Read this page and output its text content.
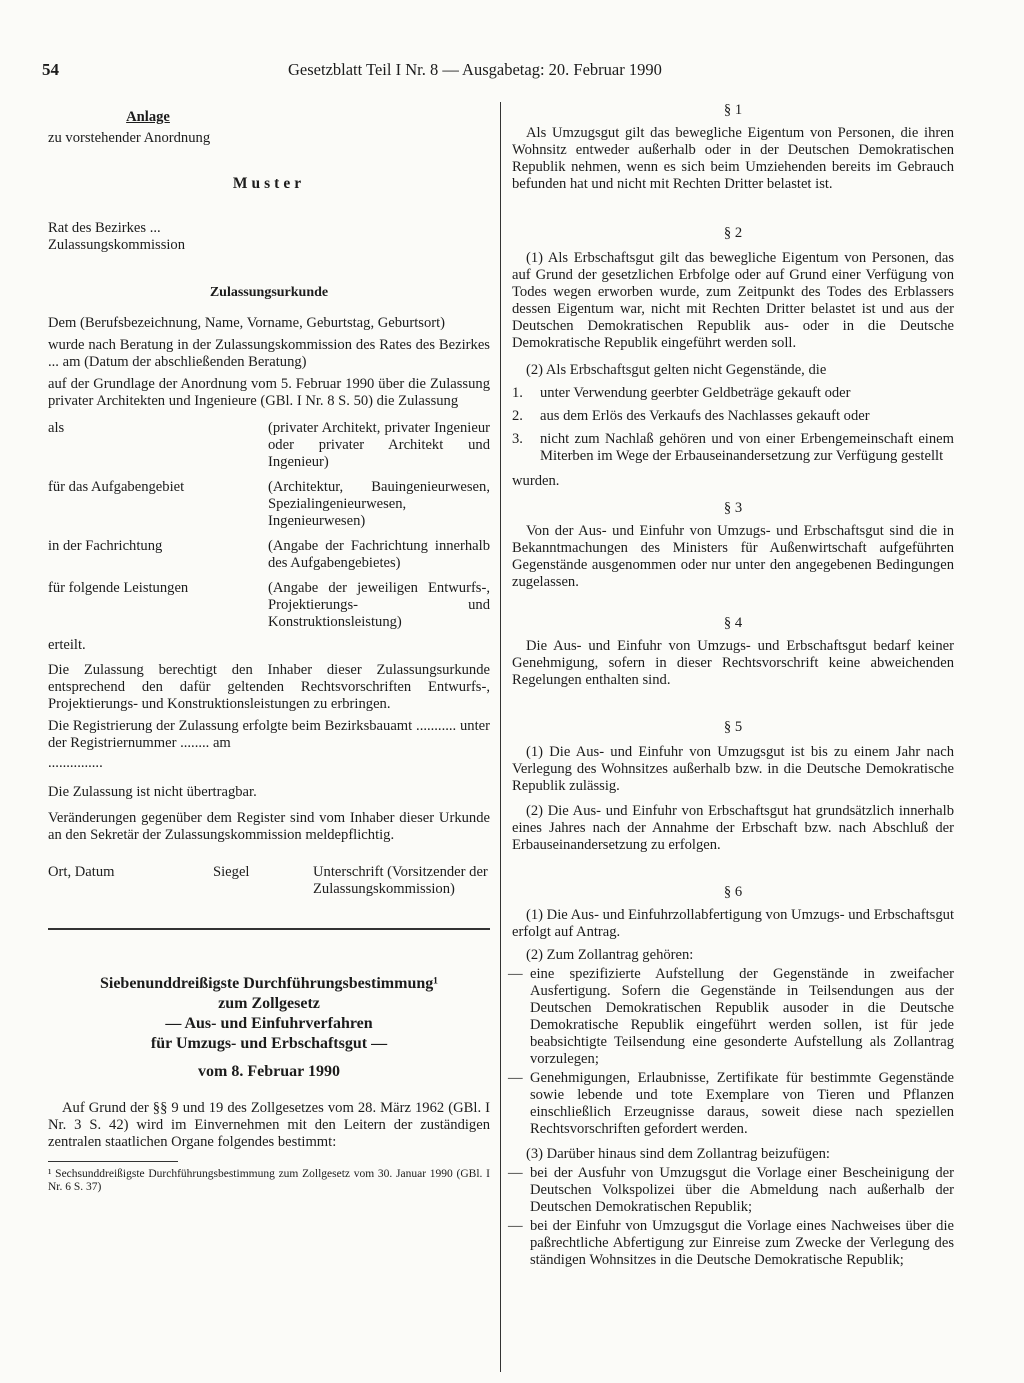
54	Gesetzblatt Teil I Nr. 8 — Ausgabetag: 20. Februar 1990

Anlage

zu vorstehender Anordnung

Muster

Rat des Bezirkes ...

Zulassungskommission

Zulassungsurkunde

Dem (Berufsbezeichnung, Name, Vorname, Geburtstag, Geburtsort)

wurde nach Beratung in der Zulassungskommission des Rates des Bezirkes ... am (Datum der abschließenden Beratung)

auf der Grundlage der Anordnung vom 5. Februar 1990 über die Zulassung privater Architekten und Ingenieure (GBl. I Nr. 8 S. 50) die Zulassung

als	(privater Architekt, privater Ingenieur oder privater Architekt und Ingenieur)
für das Aufgabengebiet	(Architektur, Bauingenieurwesen, Spezialingenieurwesen, Ingenieurwesen)
in der Fachrichtung	(Angabe der Fachrichtung innerhalb des Aufgabengebietes)
für folgende Leistungen	(Angabe der jeweiligen Entwurfs-, Projektierungs- und Konstruktionsleistung)

erteilt.

Die Zulassung berechtigt den Inhaber dieser Zulassungsurkunde entsprechend den dafür geltenden Rechtsvorschriften Entwurfs-, Projektierungs- und Konstruktionsleistungen zu erbringen.

Die Registrierung der Zulassung erfolgte beim Bezirksbauamt ........... unter der Registriernummer ........ am

...............

Die Zulassung ist nicht übertragbar.

Veränderungen gegenüber dem Register sind vom Inhaber dieser Urkunde an den Sekretär der Zulassungskommission meldepflichtig.

Ort, Datum	Siegel	Unterschrift (Vorsitzender der Zulassungskommission)

Siebenunddreißigste Durchführungsbestimmung¹

zum Zollgesetz

— Aus- und Einfuhrverfahren

für Umzugs- und Erbschaftsgut —

vom 8. Februar 1990

Auf Grund der §§ 9 und 19 des Zollgesetzes vom 28. März 1962 (GBl. I Nr. 3 S. 42) wird im Einvernehmen mit den Leitern der zuständigen zentralen staatlichen Organe folgendes bestimmt:

¹ Sechsunddreißigste Durchführungsbestimmung zum Zollgesetz vom 30. Januar 1990 (GBl. I Nr. 6 S. 37)

§ 1

Als Umzugsgut gilt das bewegliche Eigentum von Personen, die ihren Wohnsitz entweder außerhalb oder in der Deutschen Demokratischen Republik nehmen, wenn es sich beim Umziehenden bereits im Gebrauch befunden hat und nicht mit Rechten Dritter belastet ist.

§ 2

(1) Als Erbschaftsgut gilt das bewegliche Eigentum von Personen, das auf Grund der gesetzlichen Erbfolge oder auf Grund einer Verfügung von Todes wegen erworben wurde, zum Zeitpunkt des Todes des Erblassers dessen Eigentum war, nicht mit Rechten Dritter belastet ist und aus der Deutschen Demokratischen Republik aus- oder in die Deutsche Demokratische Republik eingeführt werden soll.

(2) Als Erbschaftsgut gelten nicht Gegenstände, die

1.	unter Verwendung geerbter Geldbeträge gekauft oder
2.	aus dem Erlös des Verkaufs des Nachlasses gekauft oder
3.	nicht zum Nachlaß gehören und von einer Erbengemeinschaft einem Miterben im Wege der Erbauseinandersetzung zur Verfügung gestellt

wurden.

§ 3

Von der Aus- und Einfuhr von Umzugs- und Erbschaftsgut sind die in Bekanntmachungen des Ministers für Außenwirtschaft aufgeführten Gegenstände ausgenommen oder nur unter den angegebenen Bedingungen zugelassen.

§ 4

Die Aus- und Einfuhr von Umzugs- und Erbschaftsgut bedarf keiner Genehmigung, sofern in dieser Rechtsvorschrift keine abweichenden Regelungen enthalten sind.

§ 5

(1) Die Aus- und Einfuhr von Umzugsgut ist bis zu einem Jahr nach Verlegung des Wohnsitzes außerhalb bzw. in die Deutsche Demokratische Republik zulässig.

(2) Die Aus- und Einfuhr von Erbschaftsgut hat grundsätzlich innerhalb eines Jahres nach der Annahme der Erbschaft bzw. nach Abschluß der Erbauseinandersetzung zu erfolgen.

§ 6

(1) Die Aus- und Einfuhrzollabfertigung von Umzugs- und Erbschaftsgut erfolgt auf Antrag.

(2) Zum Zollantrag gehören:

— eine spezifizierte Aufstellung der Gegenstände in zweifacher Ausfertigung. Sofern die Gegenstände in Teilsendungen aus der Deutschen Demokratischen Republik ausoder in die Deutsche Demokratische Republik eingeführt werden sollen, ist für jede beabsichtigte Teilsendung eine gesonderte Aufstellung als Zollantrag vorzulegen;
— Genehmigungen, Erlaubnisse, Zertifikate für bestimmte Gegenstände sowie lebende und tote Exemplare von Tieren und Pflanzen einschließlich Erzeugnisse daraus, soweit diese nach speziellen Rechtsvorschriften gefordert werden.

(3) Darüber hinaus sind dem Zollantrag beizufügen:

— bei der Ausfuhr von Umzugsgut die Vorlage einer Bescheinigung der Deutschen Volkspolizei über die Abmeldung nach außerhalb der Deutschen Demokratischen Republik;
— bei der Einfuhr von Umzugsgut die Vorlage eines Nachweises über die paßrechtliche Abfertigung zur Einreise zum Zwecke der Verlegung des ständigen Wohnsitzes in die Deutsche Demokratische Republik;
